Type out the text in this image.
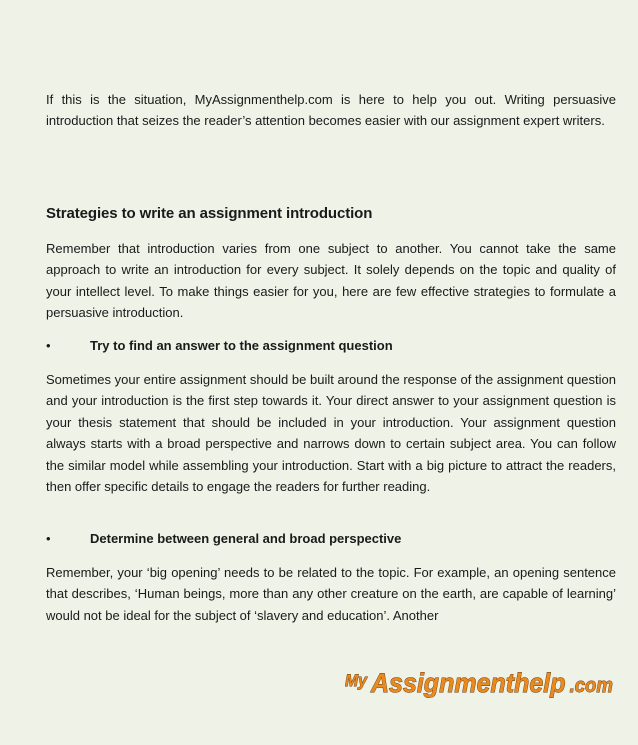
If this is the situation, MyAssignmenthelp.com is here to help you out. Writing persuasive introduction that seizes the reader’s attention becomes easier with our assignment expert writers.

Strategies to write an assignment introduction

Remember that introduction varies from one subject to another. You cannot take the same approach to write an introduction for every subject. It solely depends on the topic and quality of your intellect level. To make things easier for you, here are few effective strategies to formulate a persuasive introduction.

•	Try to find an answer to the assignment question

Sometimes your entire assignment should be built around the response of the assignment question and your introduction is the first step towards it. Your direct answer to your assignment question is your thesis statement that should be included in your introduction. Your assignment question always starts with a broad perspective and narrows down to certain subject area. You can follow the similar model while assembling your introduction. Start with a big picture to attract the readers, then offer specific details to engage the readers for further reading.

•	Determine between general and broad perspective

Remember, your ‘big opening’ needs to be related to the topic. For example, an opening sentence that describes, ‘Human beings, more than any other creature on the earth, are capable of learning’ would not be ideal for the subject of ‘slavery and education’. Another

My Assignmenthelp .com
